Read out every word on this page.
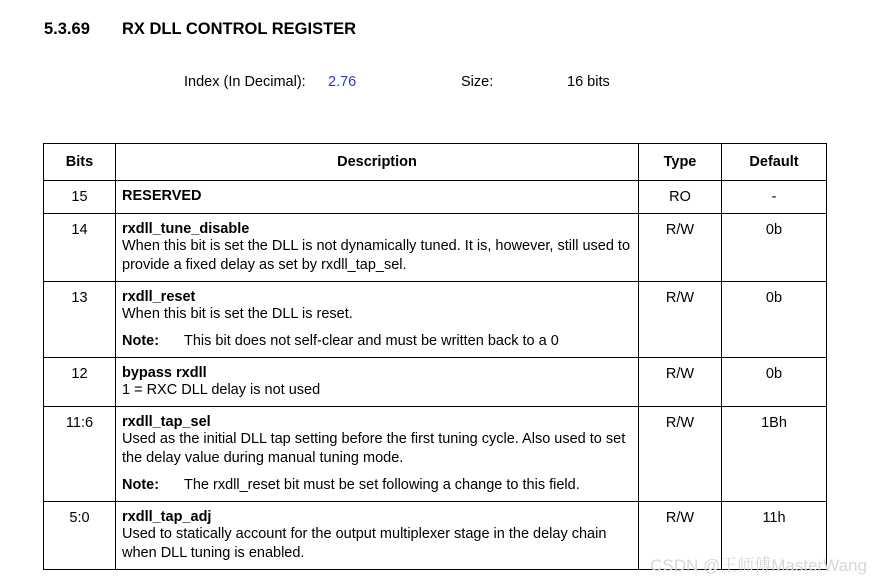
5.3.69 RX DLL CONTROL REGISTER
Index (In Decimal): 2.76	Size:	16 bits
Bits	Description	Type	Default
15	RESERVED	RO	-
14	rxdll_tune_disable
When this bit is set the DLL is not dynamically tuned. It is, however, still used to provide a fixed delay as set by rxdll_tap_sel.	R/W	0b
13	rxdll_reset
When this bit is set the DLL is reset.
Note: This bit does not self-clear and must be written back to a 0	R/W	0b
12	bypass rxdll
1 = RXC DLL delay is not used	R/W	0b
11:6	rxdll_tap_sel
Used as the initial DLL tap setting before the first tuning cycle. Also used to set the delay value during manual tuning mode.
Note: The rxdll_reset bit must be set following a change to this field.	R/W	1Bh
5:0	rxdll_tap_adj
Used to statically account for the output multiplexer stage in the delay chain when DLL tuning is enabled.	R/W	11h
CSDN @王师傅MasterWang
